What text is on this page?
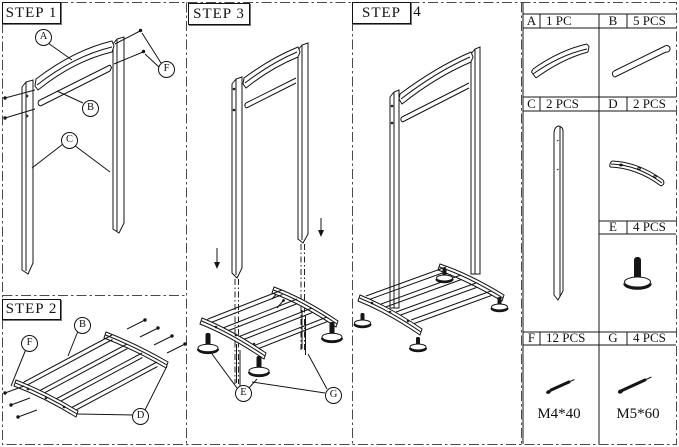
STEP 1
STEP 2
STEP 3	STEP 4
A
B
C
F
B
F
D
E	G
A 1 PC	B	5 PCS
C 2 PCS	D	2 PCS
E	4 PCS
F 12 PCS	G	4 PCS
M4*40	M5*60
